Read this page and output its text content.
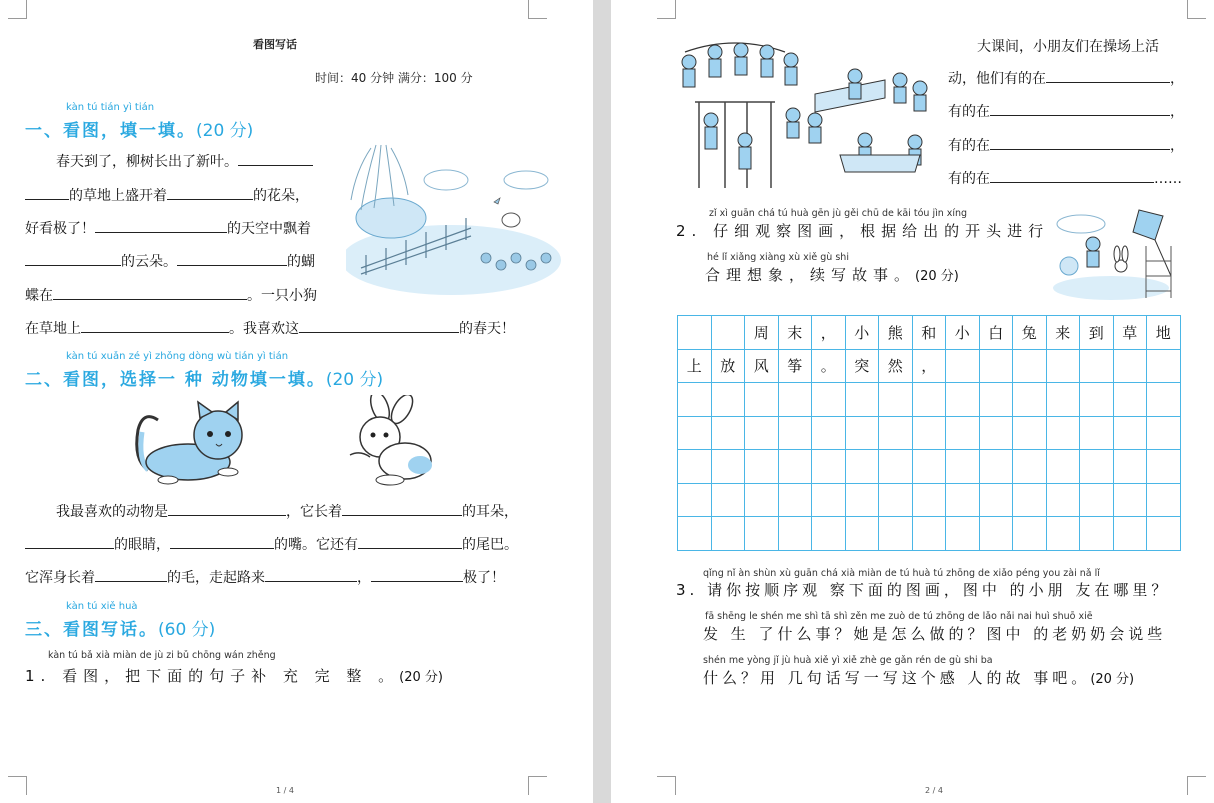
看图写话
时间：40 分钟 满分：100 分
kàn tú tián yì tián
一、看图，填一填。(20 分)
春天到了，柳树长出了新叶。
的草地上盛开着	的花朵，
好看极了！	的天空中飘着
的云朵。	的蝴
蝶在	。一只小狗
在草地上	。我喜欢这	的春天！
kàn tú xuǎn zé yì zhǒng dòng wù tián yì tián
二、看图，选择一 种 动物填一填。(20 分)
我最喜欢的动物是	，它长着	的耳朵，
的眼睛，	的嘴。它还有	的尾巴。
它浑身长着	的毛，走起路来	，	极了！
kàn tú xiě huà
三、看图写话。(60 分)
kàn tú bǎ xià miàn de jù zi bǔ chōng wán zhěng
1. 看图，把下面的句子补 充 完 整 。(20 分)
1 / 4
大课间，小朋友们在操场上活
动，他们有的在	，
有的在	，
有的在	，
有的在	……
zǐ xì guān chá tú huà gēn jù gěi chū de kāi tóu jìn xíng
2. 仔细观察图画，根据给出的开头进行
hé lǐ xiǎng xiàng xù xiě gù shi
合理想象，续写故事。(20 分)
		周	末	，	小	熊	和	小	白	兔	来	到	草	地
上	放	风	筝	。	突	然	，							

qǐng nǐ àn shùn xù guān chá xià miàn de tú huà tú zhōng de xiǎo péng you zài nǎ lǐ
3. 请你按顺序观 察下面的图画，图中 的小朋 友在哪里？
fā shēng le shén me shì tā shì zěn me zuò de tú zhōng de lǎo nǎi nai huì shuō xiē
发 生 了什么事？她是怎么做的？图中 的老奶奶会说些
shén me yòng jǐ jù huà xiě yì xiě zhè ge gǎn rén de gù shi ba
什么？用 几句话写一写这个感 人的故 事吧。(20 分)
2 / 4
